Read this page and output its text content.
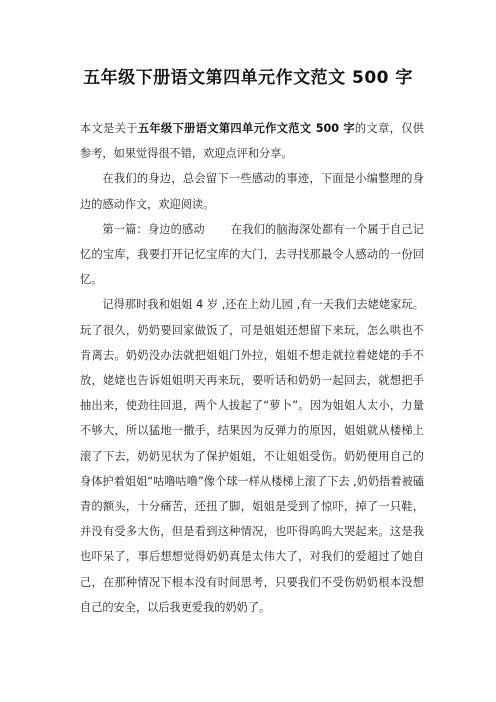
五年级下册语文第四单元作文范文 500 字

本文是关于五年级下册语文第四单元作文范文 500 字的文章，仅供参考，如果觉得很不错，欢迎点评和分享。

在我们的身边，总会留下一些感动的事迹，下面是小编整理的身边的感动作文，欢迎阅读。

第一篇：身边的感动 在我们的脑海深处都有一个属于自己记忆的宝库，我要打开记忆宝库的大门，去寻找那最令人感动的一份回忆。

记得那时我和姐姐 4 岁 ,还在上幼儿园 ,有一天我们去姥姥家玩。玩了很久，奶奶要回家做饭了，可是姐姐还想留下来玩，怎么哄也不肯离去。奶奶没办法就把姐姐门外拉，姐姐不想走就拉着姥姥的手不放，姥姥也告诉姐姐明天再来玩，要听话和奶奶一起回去，就想把手抽出来，使劲往回退，两个人拔起了“萝卜”。因为姐姐人太小，力量不够大，所以猛地一撒手，结果因为反弹力的原因，姐姐就从楼梯上滚了下去，奶奶见状为了保护姐姐，不让姐姐受伤。奶奶便用自己的身体护着姐姐“咕噜咕噜”像个球一样从楼梯上滚了下去 ,奶奶捂着被磕青的额头，十分痛苦，还扭了脚，姐姐是受到了惊吓，掉了一只鞋，并没有受多大伤，但是看到这种情况，也吓得呜呜大哭起来。这是我也吓呆了，事后想想觉得奶奶真是太伟大了，对我们的爱超过了她自己，在那种情况下根本没有时间思考，只要我们不受伤奶奶根本没想自己的安全，以后我更爱我的奶奶了。
